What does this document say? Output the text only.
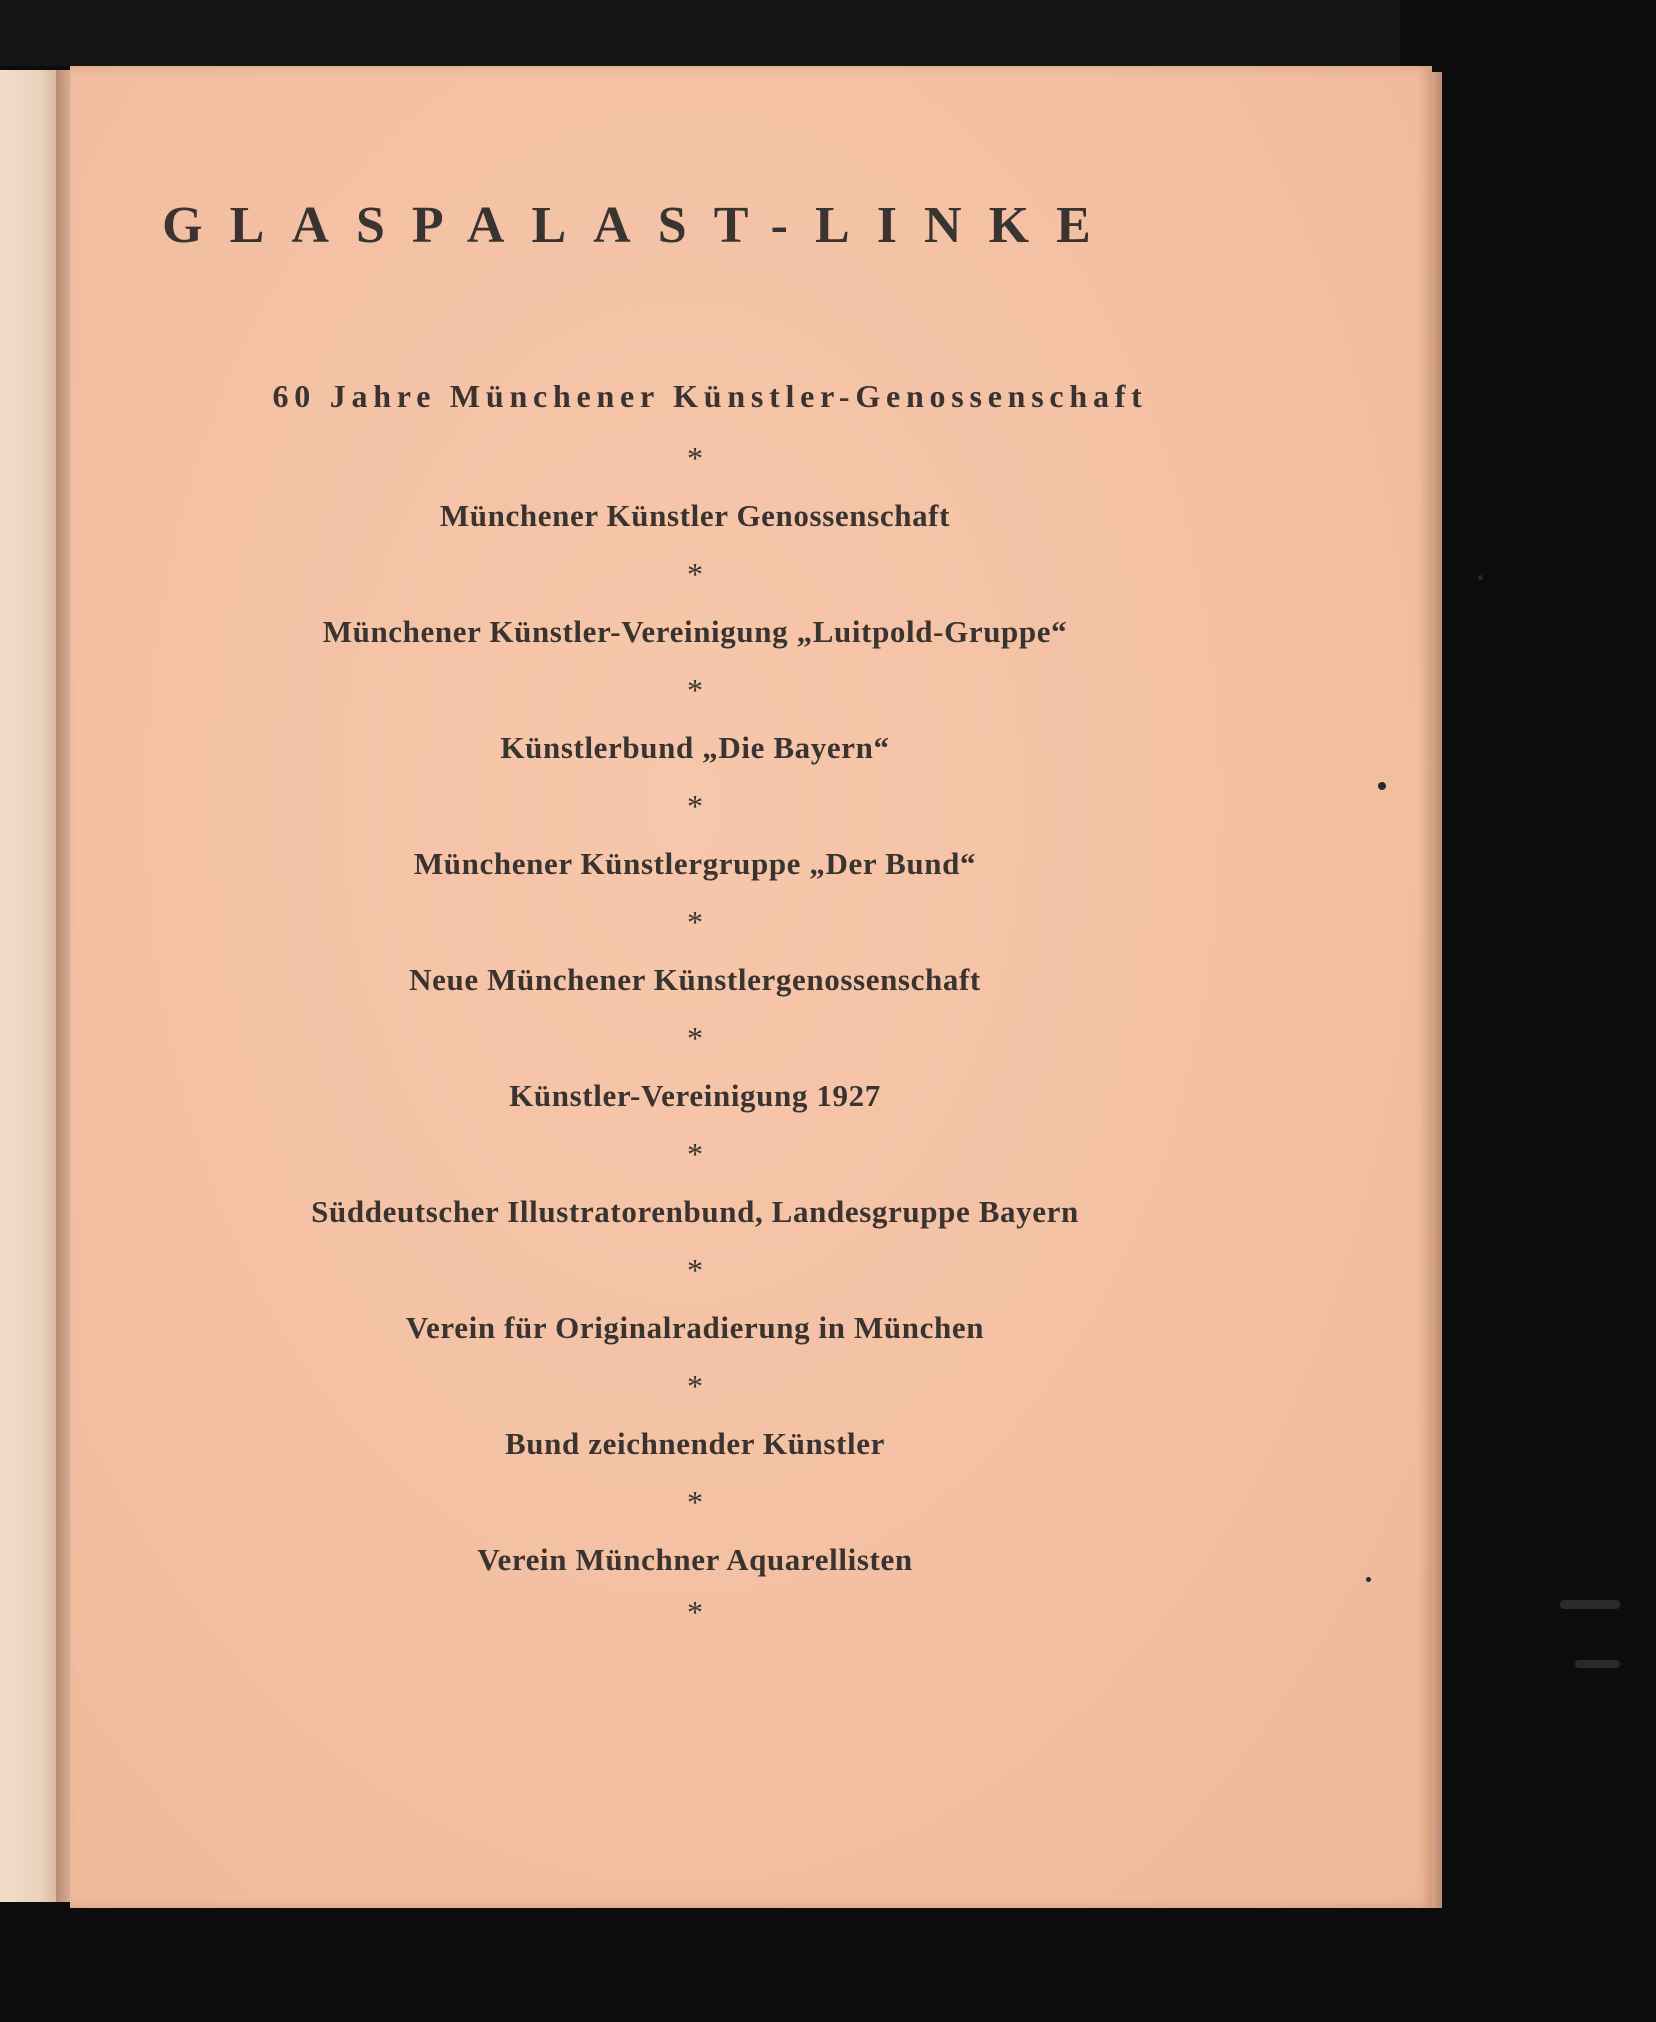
GLASPALAST-LINKE

60 Jahre Münchener Künstler-Genossenschaft

*
Münchener Künstler Genossenschaft
*
Münchener Künstler-Vereinigung „Luitpold-Gruppe“
*
Künstlerbund „Die Bayern“
*
Münchener Künstlergruppe „Der Bund“
*
Neue Münchener Künstlergenossenschaft
*
Künstler-Vereinigung 1927
*
Süddeutscher Illustratorenbund, Landesgruppe Bayern
*
Verein für Originalradierung in München
*
Bund zeichnender Künstler
*
Verein Münchner Aquarellisten
*
